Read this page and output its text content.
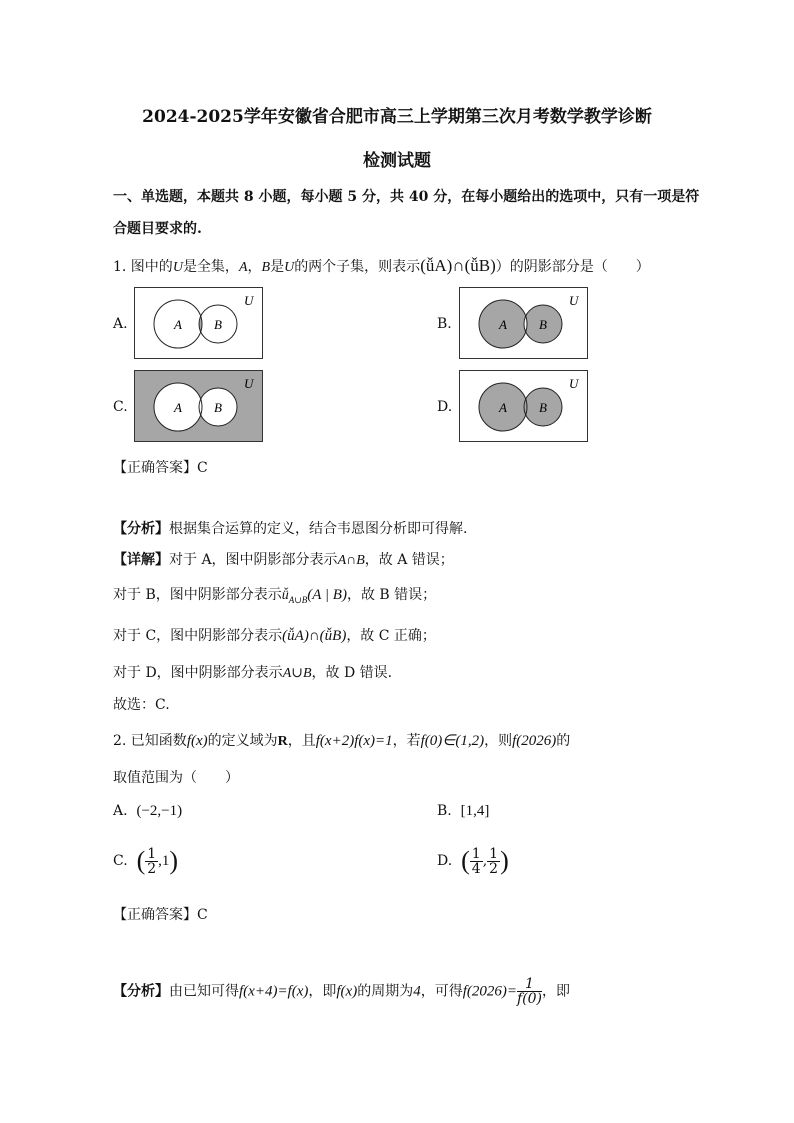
2024-2025学年安徽省合肥市高三上学期第三次月考数学教学诊断
检测试题
一、单选题，本题共 8 小题，每小题 5 分，共 40 分，在每小题给出的选项中，只有一项是符
合题目要求的.
1. 图中的U是全集，A，B是U的两个子集，则表示(ǚA)∩(ǚB)）的阴影部分是（　　）
A.	A B
U
B.	A B
U
C.	A B
U
D.	A B
U
【正确答案】C
【分析】根据集合运算的定义，结合韦恩图分析即可得解.
【详解】对于 A，图中阴影部分表示A∩B，故 A 错误；
对于 B，图中阴影部分表示$ǚ_{A\cup B}(A$ | B)，故 B 错误；
对于 C，图中阴影部分表示(ǚA)∩(ǚB)，故 C 正确；
对于 D，图中阴影部分表示A∪B，故 D 错误.
故选：C.
2. 已知函数f(x)的定义域为R，且f(x+2)f(x)=1，若f(0)∈(1,2)，则f(2026)的
取值范围为（　　）
A. (−2,−1)	B. [1,4]
C. ( $\frac{1}{2} ,1$)	D. ( $\frac{1}{4}$ , $\frac{1}{2}$ )
【正确答案】C
【分析】由已知可得f(x+4)=f(x)，即f(x)的周期为4，可得$f(2026)= \frac{1}{f(0)}$ ，即
